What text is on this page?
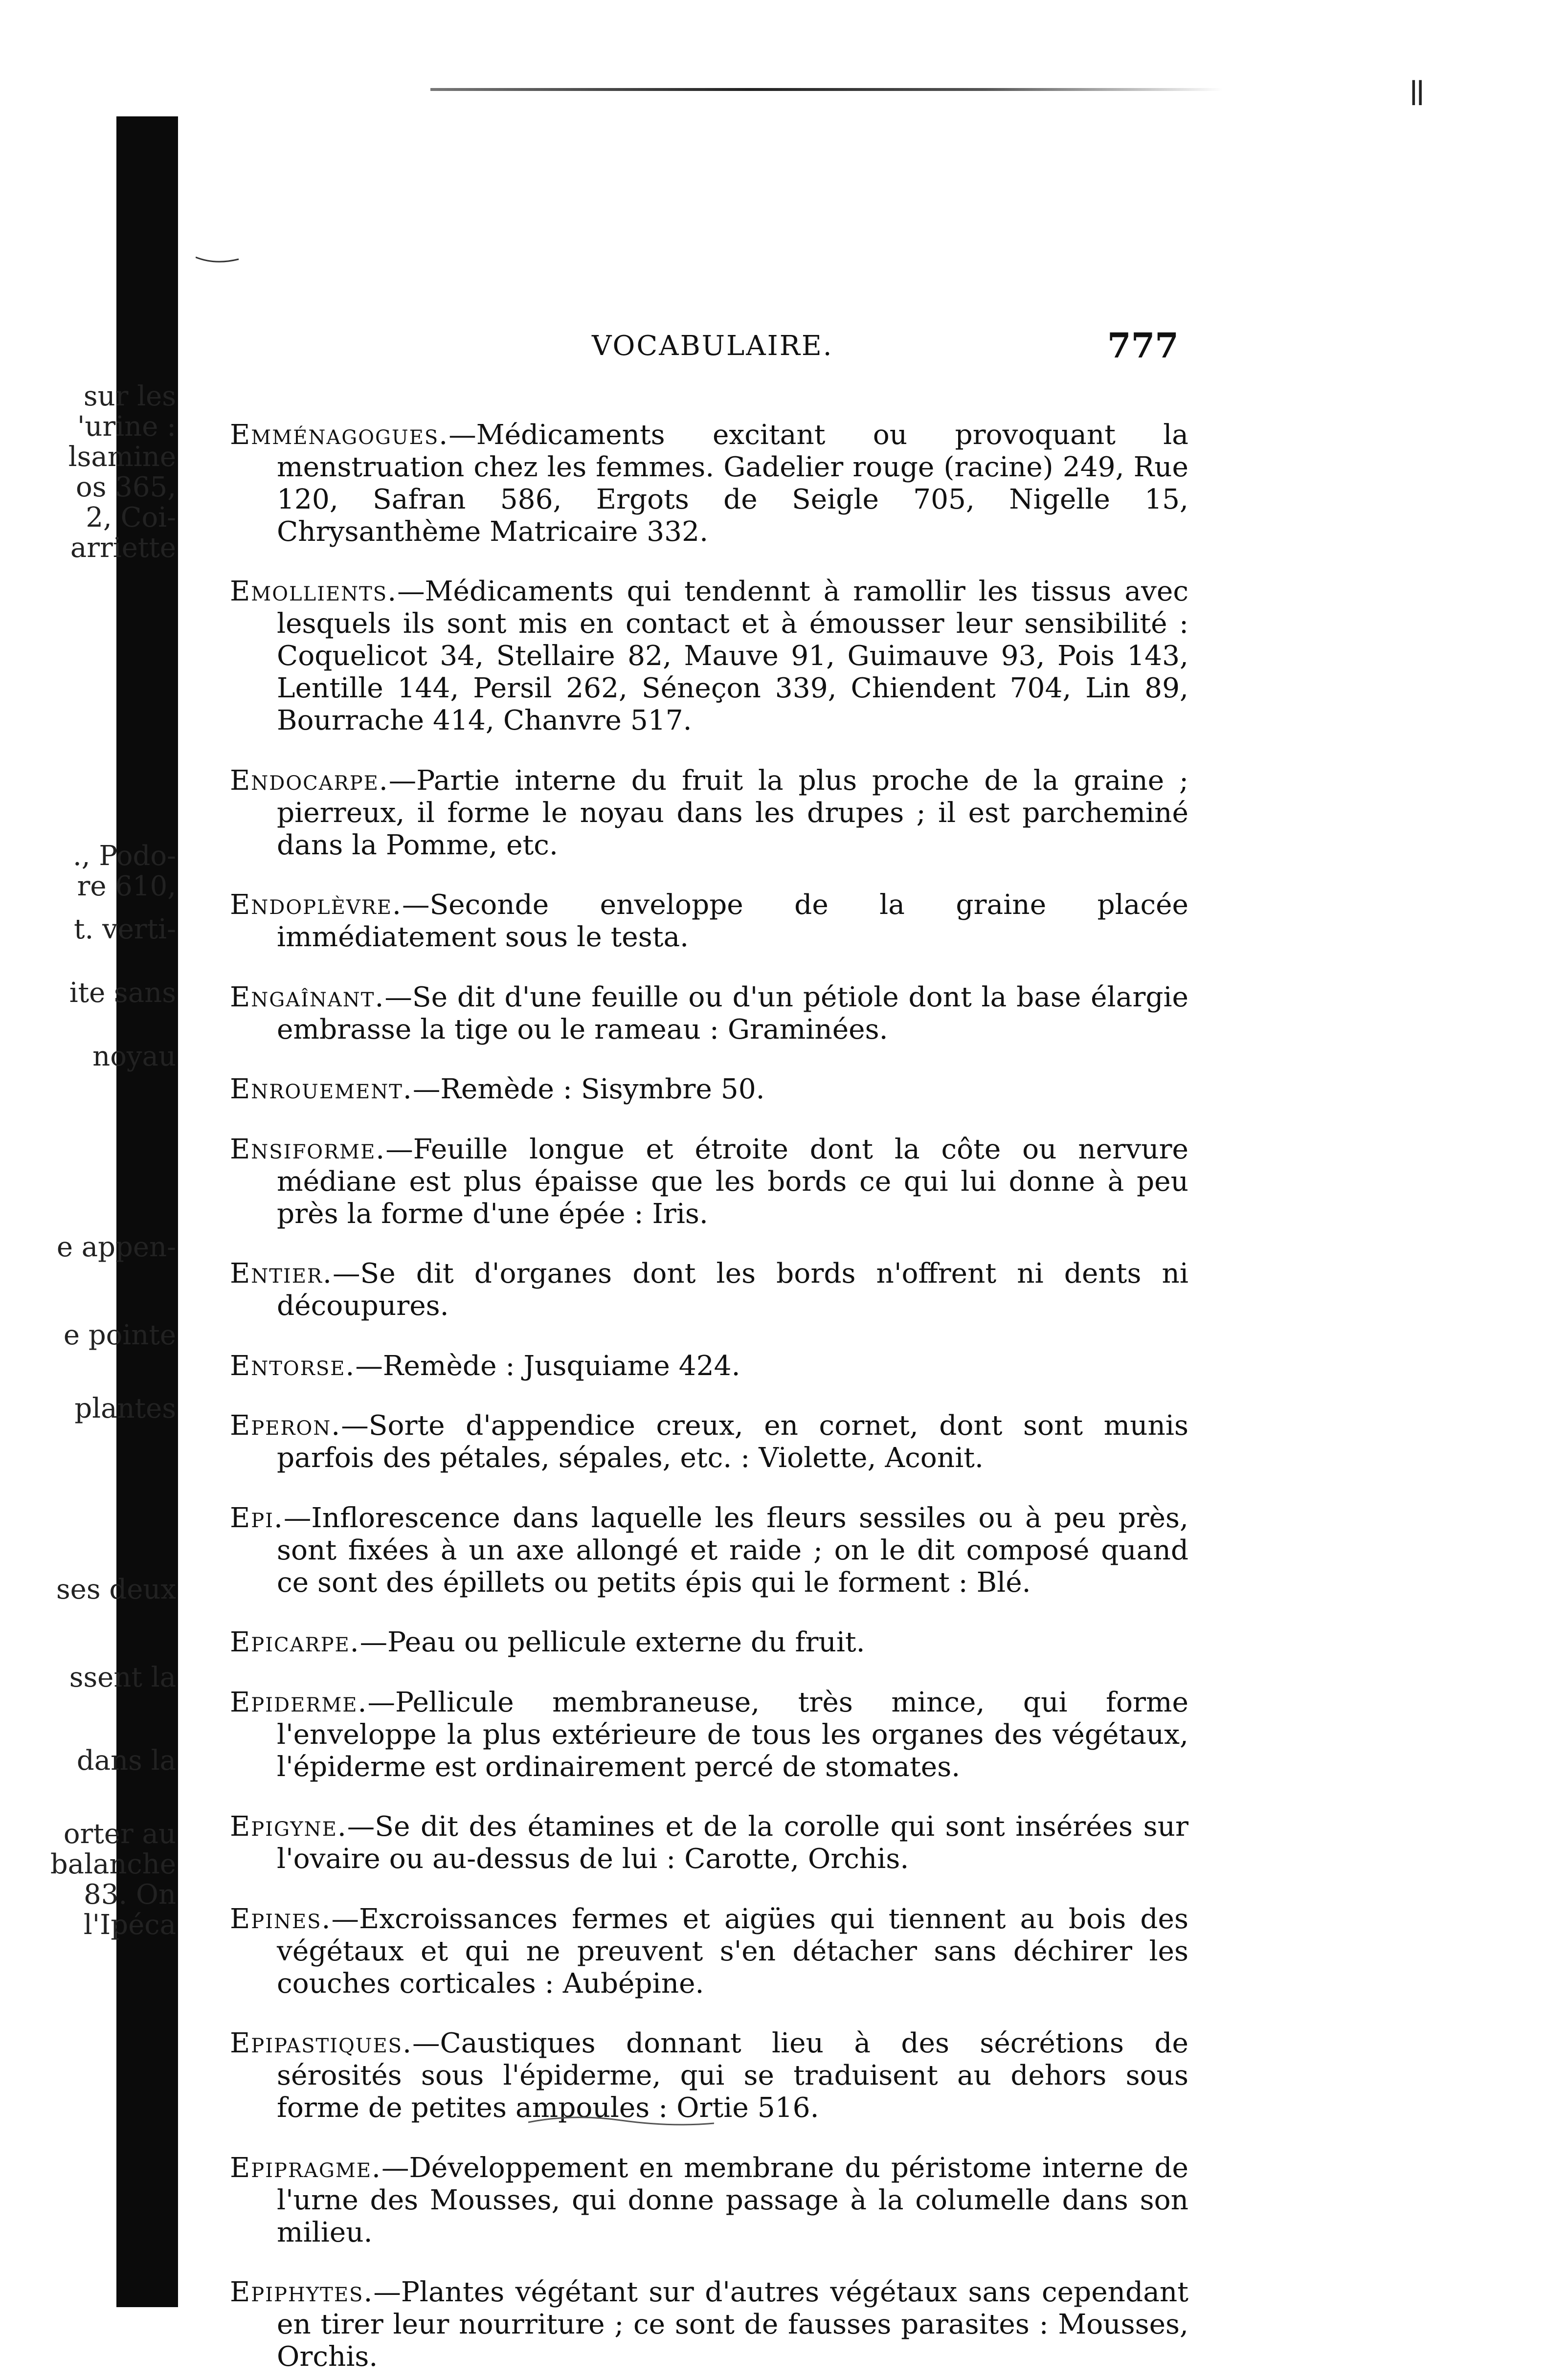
ǁ
sur les
'urine :
lsamine
os 365,
2, Coi-
arriette
., Podo-
re 610,
t. verti-
ite sans
noyau
e appen-
e pointe
plantes
ses deux
ssent la
dans la
orter au
balanche
83. On
l'Ipéca
VOCABULAIRE.	777

Emménagogues.—Médicaments excitant ou provoquant la menstruation chez les femmes. Gadelier rouge (racine) 249, Rue 120, Safran 586, Ergots de Seigle 705, Nigelle 15, Chrysanthème Matricaire 332.

Emollients.—Médicaments qui tendennt à ramollir les tissus avec lesquels ils sont mis en contact et à émousser leur sensibilité : Coquelicot 34, Stellaire 82, Mauve 91, Guimauve 93, Pois 143, Lentille 144, Persil 262, Séneçon 339, Chiendent 704, Lin 89, Bourrache 414, Chanvre 517.

Endocarpe.—Partie interne du fruit la plus proche de la graine ; pierreux, il forme le noyau dans les drupes ; il est parcheminé dans la Pomme, etc.

Endoplèvre.—Seconde enveloppe de la graine placée immédiatement sous le testa.

Engaînant.—Se dit d'une feuille ou d'un pétiole dont la base élargie embrasse la tige ou le rameau : Graminées.

Enrouement.—Remède : Sisymbre 50.

Ensiforme.—Feuille longue et étroite dont la côte ou nervure médiane est plus épaisse que les bords ce qui lui donne à peu près la forme d'une épée : Iris.

Entier.—Se dit d'organes dont les bords n'offrent ni dents ni découpures.

Entorse.—Remède : Jusquiame 424.

Eperon.—Sorte d'appendice creux, en cornet, dont sont munis parfois des pétales, sépales, etc. : Violette, Aconit.

Epi.—Inflorescence dans laquelle les fleurs sessiles ou à peu près, sont fixées à un axe allongé et raide ; on le dit composé quand ce sont des épillets ou petits épis qui le forment : Blé.

Epicarpe.—Peau ou pellicule externe du fruit.

Epiderme.—Pellicule membraneuse, très mince, qui forme l'enveloppe la plus extérieure de tous les organes des végétaux, l'épiderme est ordinairement percé de stomates.

Epigyne.—Se dit des étamines et de la corolle qui sont insérées sur l'ovaire ou au-dessus de lui : Carotte, Orchis.

Epines.—Excroissances fermes et aigües qui tiennent au bois des végétaux et qui ne preuvent s'en détacher sans déchirer les couches corticales : Aubépine.

Epipastiques.—Caustiques donnant lieu à des sécrétions de sérosités sous l'épiderme, qui se traduisent au dehors sous forme de petites ampoules : Ortie 516.

Epipragme.—Développement en membrane du péristome interne de l'urne des Mousses, qui donne passage à la columelle dans son milieu.

Epiphytes.—Plantes végétant sur d'autres végétaux sans cependant en tirer leur nourriture ; ce sont de fausses parasites : Mousses, Orchis.
